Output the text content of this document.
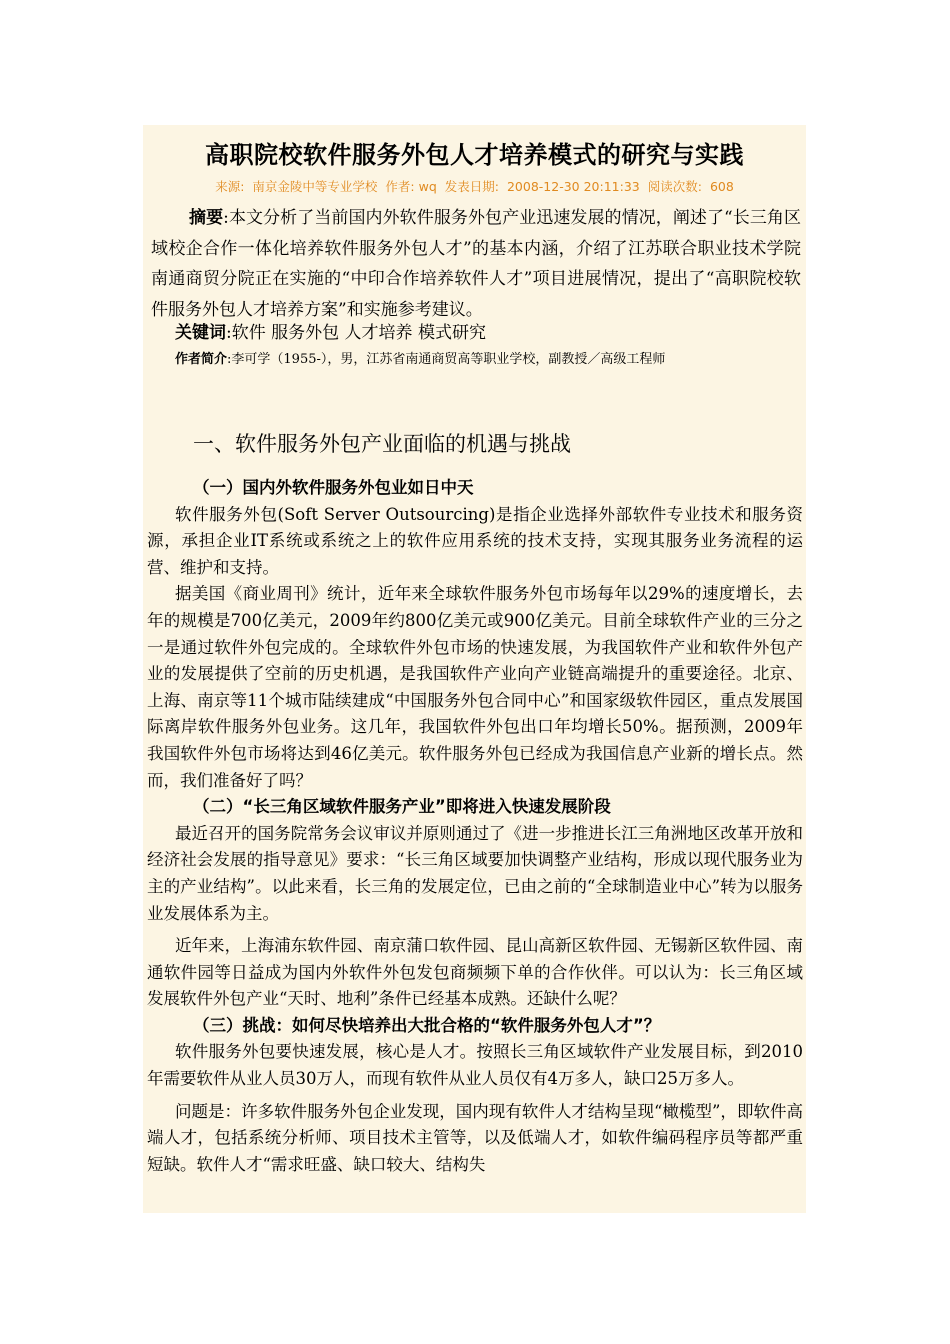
高职院校软件服务外包人才培养模式的研究与实践
来源: 南京金陵中等专业学校 作者: wq 发表日期: 2008-12-30 20:11:33 阅读次数: 608
摘要:本文分析了当前国内外软件服务外包产业迅速发展的情况，阐述了“长三角区域校企合作一体化培养软件服务外包人才”的基本内涵，介绍了江苏联合职业技术学院南通商贸分院正在实施的“中印合作培养软件人才”项目进展情况，提出了“高职院校软件服务外包人才培养方案”和实施参考建议。
关键词:软件 服务外包 人才培养 模式研究
作者简介:李可学（1955-），男，江苏省南通商贸高等职业学校，副教授／高级工程师
一、软件服务外包产业面临的机遇与挑战

（一）国内外软件服务外包业如日中天

软件服务外包(Soft Server Outsourcing)是指企业选择外部软件专业技术和服务资源，承担企业IT系统或系统之上的软件应用系统的技术支持，实现其服务业务流程的运营、维护和支持。

据美国《商业周刊》统计，近年来全球软件服务外包市场每年以29%的速度增长，去年的规模是700亿美元，2009年约800亿美元或900亿美元。目前全球软件产业的三分之一是通过软件外包完成的。全球软件外包市场的快速发展，为我国软件产业和软件外包产业的发展提供了空前的历史机遇，是我国软件产业向产业链高端提升的重要途径。北京、上海、南京等11个城市陆续建成“中国服务外包合同中心”和国家级软件园区，重点发展国际离岸软件服务外包业务。这几年，我国软件外包出口年均增长50%。据预测，2009年我国软件外包市场将达到46亿美元。软件服务外包已经成为我国信息产业新的增长点。然而，我们准备好了吗？

（二）“长三角区域软件服务产业”即将进入快速发展阶段

最近召开的国务院常务会议审议并原则通过了《进一步推进长江三角洲地区改革开放和经济社会发展的指导意见》要求：“长三角区域要加快调整产业结构，形成以现代服务业为主的产业结构”。以此来看，长三角的发展定位，已由之前的“全球制造业中心”转为以服务业发展体系为主。

近年来，上海浦东软件园、南京蒲口软件园、昆山高新区软件园、无锡新区软件园、南通软件园等日益成为国内外软件外包发包商频频下单的合作伙伴。可以认为：长三角区域发展软件外包产业“天时、地利”条件已经基本成熟。还缺什么呢？

（三）挑战：如何尽快培养出大批合格的“软件服务外包人才”？

软件服务外包要快速发展，核心是人才。按照长三角区域软件产业发展目标，到2010年需要软件从业人员30万人，而现有软件从业人员仅有4万多人，缺口25万多人。

问题是：许多软件服务外包企业发现，国内现有软件人才结构呈现“橄榄型”，即软件高端人才，包括系统分析师、项目技术主管等，以及低端人才，如软件编码程序员等都严重短缺。软件人才“需求旺盛、缺口较大、结构失
